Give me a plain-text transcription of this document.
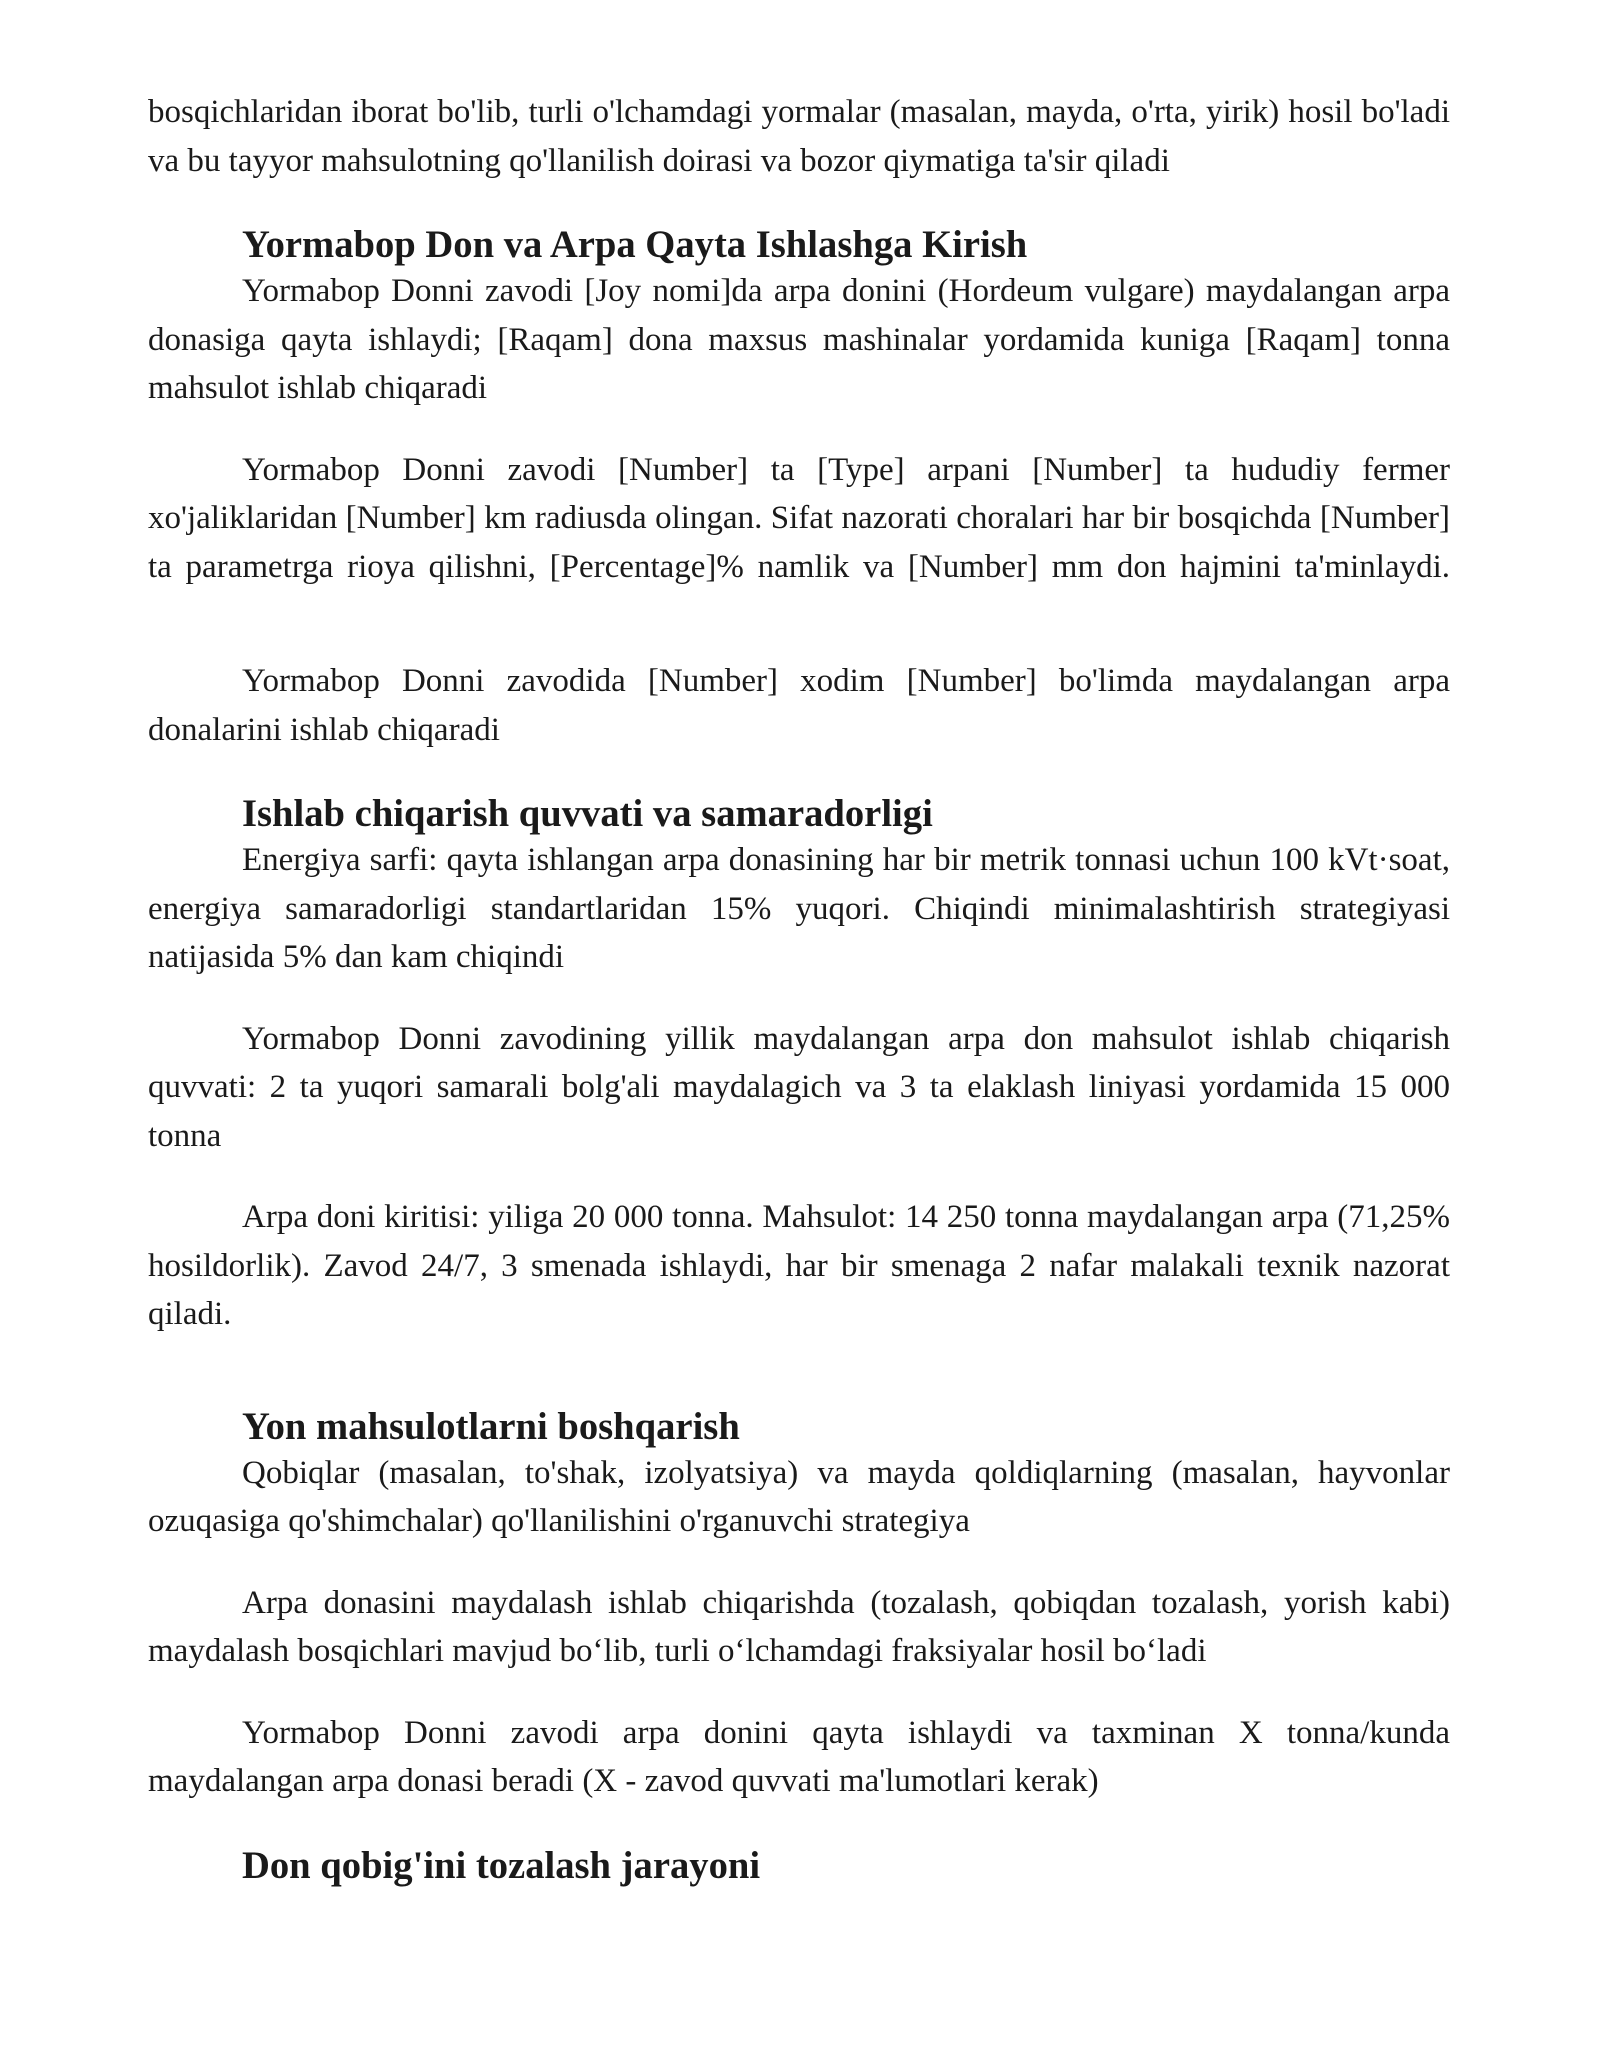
bosqichlaridan iborat bo'lib, turli o'lchamdagi yormalar (masalan, mayda, o'rta, yirik) hosil bo'ladi va bu tayyor mahsulotning qo'llanilish doirasi va bozor qiymatiga ta'sir qiladi

Yormabop Don va Arpa Qayta Ishlashga Kirish

Yormabop Donni zavodi [Joy nomi]da arpa donini (Hordeum vulgare) maydalangan arpa donasiga qayta ishlaydi; [Raqam] dona maxsus mashinalar yordamida kuniga [Raqam] tonna mahsulot ishlab chiqaradi

Yormabop Donni zavodi [Number] ta [Type] arpani [Number] ta hududiy fermer xo'jaliklaridan [Number] km radiusda olingan. Sifat nazorati choralari har bir bosqichda [Number] ta parametrga rioya qilishni, [Percentage]% namlik va [Number] mm don hajmini ta'minlaydi.

Yormabop Donni zavodida [Number] xodim [Number] bo'limda maydalangan arpa donalarini ishlab chiqaradi

Ishlab chiqarish quvvati va samaradorligi

Energiya sarfi: qayta ishlangan arpa donasining har bir metrik tonnasi uchun 100 kVt·soat, energiya samaradorligi standartlaridan 15% yuqori. Chiqindi minimalashtirish strategiyasi natijasida 5% dan kam chiqindi

Yormabop Donni zavodining yillik maydalangan arpa don mahsulot ishlab chiqarish quvvati: 2 ta yuqori samarali bolg'ali maydalagich va 3 ta elaklash liniyasi yordamida 15 000 tonna

Arpa doni kiritisi: yiliga 20 000 tonna. Mahsulot: 14 250 tonna maydalangan arpa (71,25% hosildorlik). Zavod 24/7, 3 smenada ishlaydi, har bir smenaga 2 nafar malakali texnik nazorat qiladi.

Yon mahsulotlarni boshqarish

Qobiqlar (masalan, to'shak, izolyatsiya) va mayda qoldiqlarning (masalan, hayvonlar ozuqasiga qo'shimchalar) qo'llanilishini o'rganuvchi strategiya

Arpa donasini maydalash ishlab chiqarishda (tozalash, qobiqdan tozalash, yorish kabi) maydalash bosqichlari mavjud bo‘lib, turli o‘lchamdagi fraksiyalar hosil bo‘ladi

Yormabop Donni zavodi arpa donini qayta ishlaydi va taxminan X tonna/kunda maydalangan arpa donasi beradi (X - zavod quvvati ma'lumotlari kerak)

Don qobig'ini tozalash jarayoni
